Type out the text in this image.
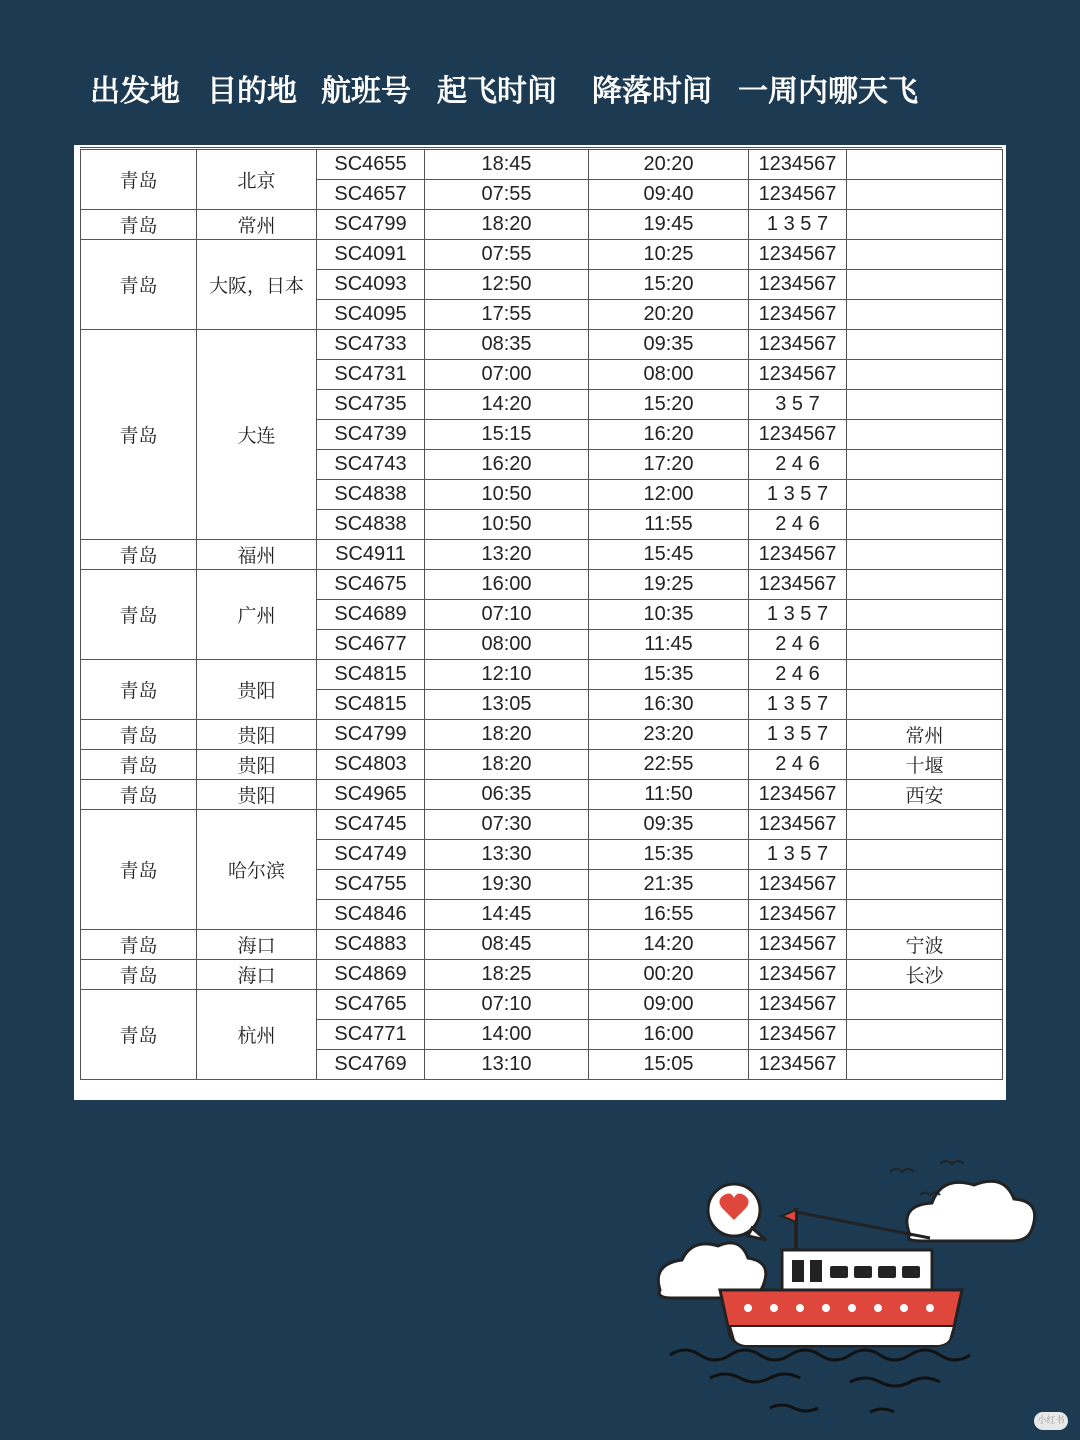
出发地 目的地 航班号 起飞时间 降落时间 一周内哪天飞
青岛	北京	SC4655	18:45	20:20	1234567	
		SC4657	07:55	09:40	1234567	
青岛	常州	SC4799	18:20	19:45	1 3 5 7	
青岛	大阪，日本	SC4091	07:55	10:25	1234567	
		SC4093	12:50	15:20	1234567	
		SC4095	17:55	20:20	1234567	
青岛	大连	SC4733	08:35	09:35	1234567	
		SC4731	07:00	08:00	1234567	
		SC4735	14:20	15:20	3 5 7	
		SC4739	15:15	16:20	1234567	
		SC4743	16:20	17:20	2 4 6	
		SC4838	10:50	12:00	1 3 5 7	
		SC4838	10:50	11:55	2 4 6	
青岛	福州	SC4911	13:20	15:45	1234567	
青岛	广州	SC4675	16:00	19:25	1234567	
		SC4689	07:10	10:35	1 3 5 7	
		SC4677	08:00	11:45	2 4 6	
青岛	贵阳	SC4815	12:10	15:35	2 4 6	
		SC4815	13:05	16:30	1 3 5 7	
青岛	贵阳	SC4799	18:20	23:20	1 3 5 7	常州
青岛	贵阳	SC4803	18:20	22:55	2 4 6	十堰
青岛	贵阳	SC4965	06:35	11:50	1234567	西安
青岛	哈尔滨	SC4745	07:30	09:35	1234567	
		SC4749	13:30	15:35	1 3 5 7	
		SC4755	19:30	21:35	1234567	
		SC4846	14:45	16:55	1234567	
青岛	海口	SC4883	08:45	14:20	1234567	宁波
青岛	海口	SC4869	18:25	00:20	1234567	长沙
青岛	杭州	SC4765	07:10	09:00	1234567	
		SC4771	14:00	16:00	1234567	
		SC4769	13:10	15:05	1234567	
小红书
